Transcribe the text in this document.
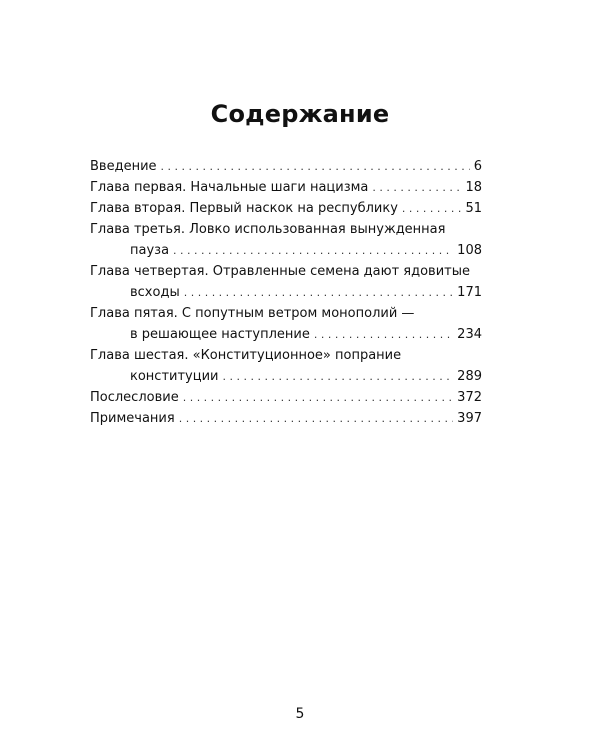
Содержание
Введение . . .	6
Глава первая. Начальные шаги нацизма . . .	18
Глава вторая. Первый наскок на республику . . .	51
Глава третья. Ловко использованная вынужденная
пауза . . .	108
Глава четвертая. Отравленные семена дают ядовитые
всходы . . .	171
Глава пятая. С попутным ветром монополий —
в решающее наступление . . .	234
Глава шестая. «Конституционное» попрание
конституции . . .	289
Послесловие . . .	372
Примечания . . .	397
5
